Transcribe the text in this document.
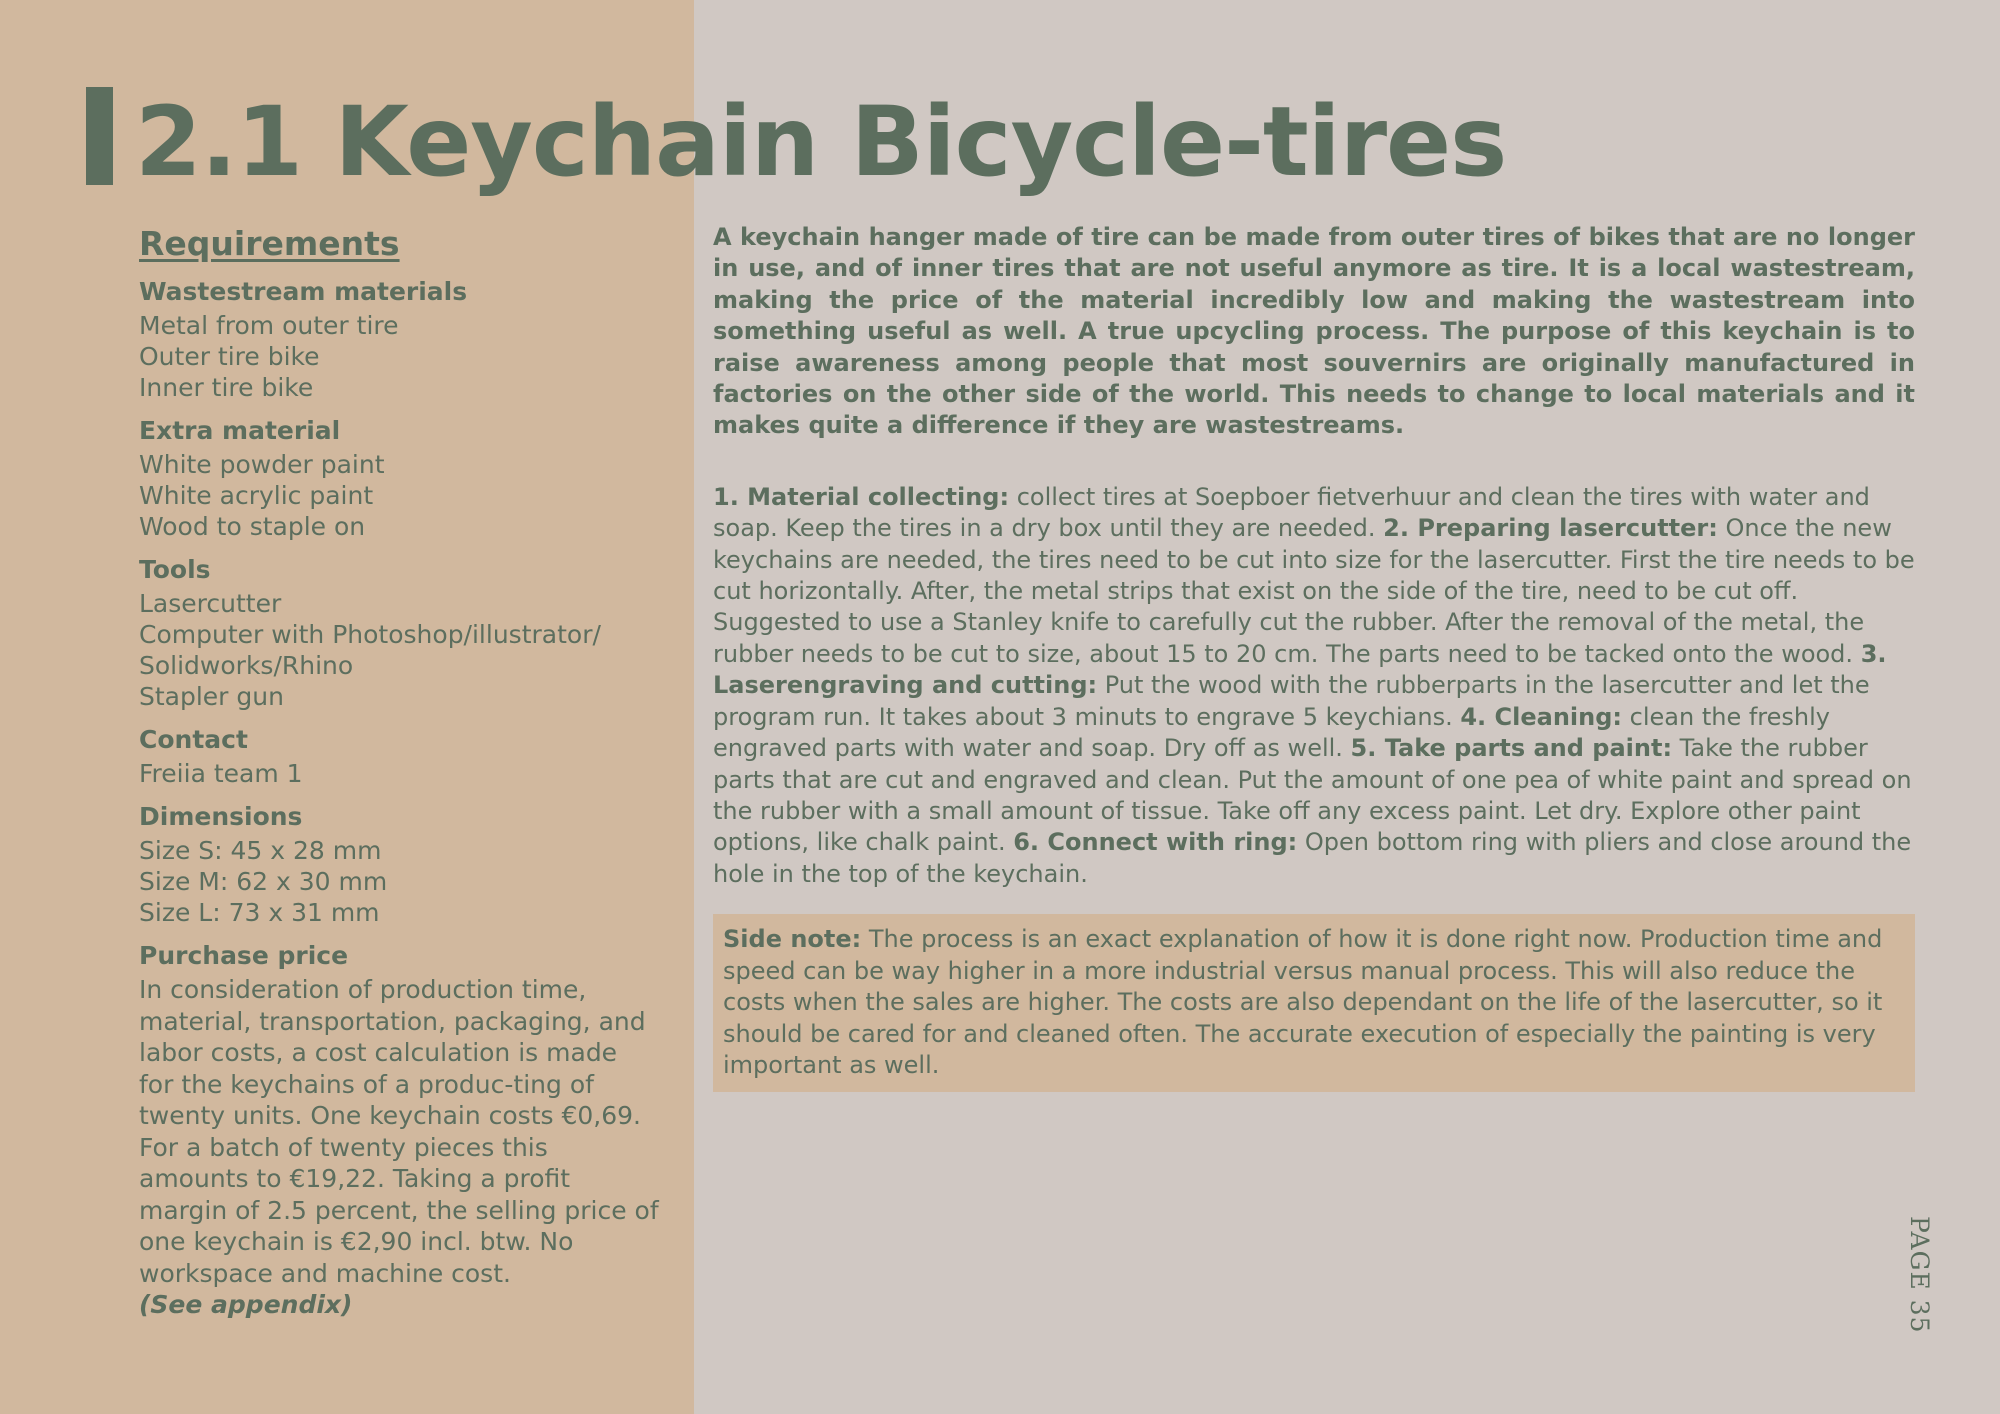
2.1 Keychain Bicycle-tires
Requirements
Wastestream materials

Metal from outer tire

Outer tire bike

Inner tire bike

Extra material

White powder paint

White acrylic paint

Wood to staple on

Tools

Lasercutter

Computer with Photoshop/illustrator/

Solidworks/Rhino

Stapler gun

Contact

Freiia team 1

Dimensions

Size S: 45 x 28 mm

Size M: 62 x 30 mm

Size L: 73 x 31 mm

Purchase price

In consideration of production time, material, transportation, packaging, and labor costs, a cost calculation is made for the keychains of a produc-ting of twenty units. One keychain costs €0,69. For a batch of twenty pieces this amounts to €19,22. Taking a profit margin of 2.5 percent, the selling price of one keychain is €2,90 incl. btw. No workspace and machine cost.

(See appendix)

A keychain hanger made of tire can be made from outer tires of bikes that are no longer in use, and of inner tires that are not useful anymore as tire. It is a local wastestream, making the price of the material incredibly low and making the wastestream into something useful as well. A true upcycling process. The purpose of this keychain is to raise awareness among people that most souvernirs are originally manufactured in factories on the other side of the world. This needs to change to local materials and it makes quite a difference if they are wastestreams.

1. Material collecting: collect tires at Soepboer fietverhuur and clean the tires with water and soap. Keep the tires in a dry box until they are needed. 2. Preparing lasercutter: Once the new keychains are needed, the tires need to be cut into size for the lasercutter. First the tire needs to be cut horizontally. After, the metal strips that exist on the side of the tire, need to be cut off. Suggested to use a Stanley knife to carefully cut the rubber. After the removal of the metal, the rubber needs to be cut to size, about 15 to 20 cm. The parts need to be tacked onto the wood. 3. Laserengraving and cutting: Put the wood with the rubberparts in the lasercutter and let the program run. It takes about 3 minuts to engrave 5 keychians. 4. Cleaning: clean the freshly engraved parts with water and soap. Dry off as well. 5. Take parts and paint: Take the rubber parts that are cut and engraved and clean. Put the amount of one pea of white paint and spread on the rubber with a small amount of tissue. Take off any excess paint. Let dry. Explore other paint options, like chalk paint. 6. Connect with ring: Open bottom ring with pliers and close around the hole in the top of the keychain.

Side note: The process is an exact explanation of how it is done right now. Production time and speed can be way higher in a more industrial versus manual process. This will also reduce the costs when the sales are higher. The costs are also dependant on the life of the lasercutter, so it should be cared for and cleaned often. The accurate execution of especially the painting is very important as well.
PAGE 35
